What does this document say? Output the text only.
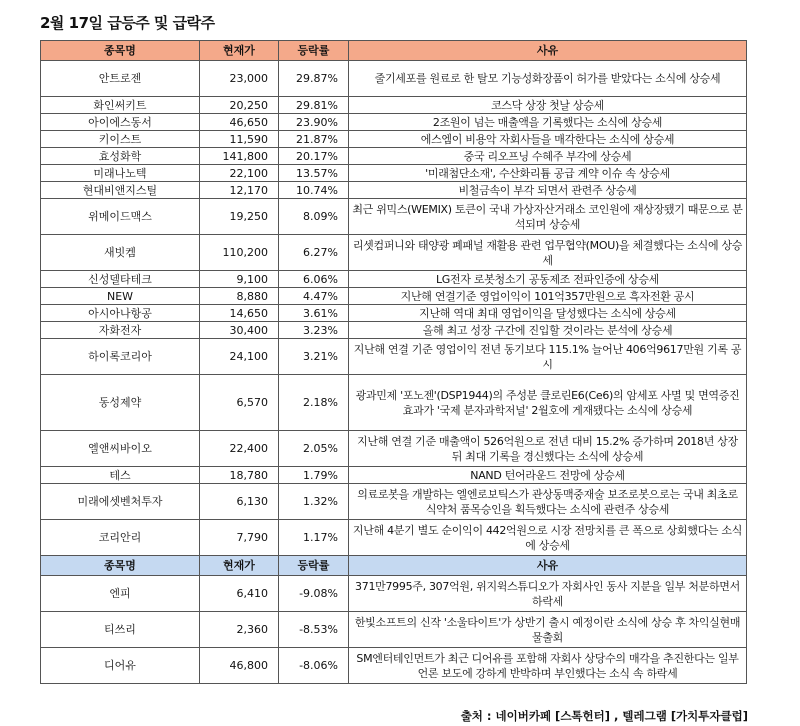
2월 17일 급등주 및 급락주
종목명	현재가	등락률	사유
안트로젠	23,000	29.87%	줄기세포를 원료로 한 탈모 기능성화장품이 허가를 받았다는 소식에 상승세
화인써키트	20,250	29.81%	코스닥 상장 첫날 상승세
아이에스동서	46,650	23.90%	2조원이 넘는 매출액을 기록했다는 소식에 상승세
키이스트	11,590	21.87%	에스엠이 비용악 자회사들을 매각한다는 소식에 상승세
효성화학	141,800	20.17%	중국 리오프닝 수혜주 부각에 상승세
미래나노텍	22,100	13.57%	'미래첨단소재', 수산화리튬 공급 계약 이슈 속 상승세
현대비앤지스틸	12,170	10.74%	비철금속이 부각 되면서 관련주 상승세
위메이드맥스	19,250	8.09%	최근 위믹스(WEMIX) 토큰이 국내 가상자산거래소 코인원에 재상장됐기 때문으로 분석되며 상승세
새빗켐	110,200	6.27%	리셋컴퍼니와 태양광 폐패널 재활용 관련 업무협약(MOU)을 체결했다는 소식에 상승세
신성델타테크	9,100	6.06%	LG전자 로봇청소기 공동제조 전파인증에 상승세
NEW	8,880	4.47%	지난해 연결기준 영업이익이 101억357만원으로 흑자전환 공시
아시아나항공	14,650	3.61%	지난해 역대 최대 영업이익을 달성했다는 소식에 상승세
자화전자	30,400	3.23%	올해 최고 성장 구간에 진입할 것이라는 분석에 상승세
하이록코리아	24,100	3.21%	지난해 연결 기준 영업이익 전년 동기보다 115.1% 늘어난 406억9617만원 기록 공시
동성제약	6,570	2.18%	광과민제 '포노젠'(DSP1944)의 주성분 클로린E6(Ce6)의 암세포 사멸 및 면역증진 효과가 '국제 분자과학저널' 2월호에 게재됐다는 소식에 상승세
엘앤씨바이오	22,400	2.05%	지난해 연결 기준 매출액이 526억원으로 전년 대비 15.2% 증가하며 2018년 상장 뒤 최대 기록을 경신했다는 소식에 상승세
테스	18,780	1.79%	NAND 턴어라운드 전망에 상승세
미래에셋벤처투자	6,130	1.32%	의료로봇을 개발하는 엘엔로보틱스가 관상동맥중재술 보조로봇으로는 국내 최초로 식약처 품목승인을 획득했다는 소식에 관련주 상승세
코리안리	7,790	1.17%	지난해 4분기 별도 순이익이 442억원으로 시장 전망치를 큰 폭으로 상회했다는 소식에 상승세
종목명	현재가	등락률	사유
엔피	6,410	-9.08%	371만7995주, 307억원, 위지윅스튜디오가 자회사인 동사 지분을 일부 처분하면서 하락세
티쓰리	2,360	-8.53%	한빛소프트의 신작 '소울타이트'가 상반기 출시 예정이란 소식에 상승 후 차익실현매물출회
디어유	46,800	-8.06%	SM엔터테인먼트가 최근 디어유를 포함해 자회사 상당수의 매각을 추진한다는 일부 언론 보도에 강하게 반박하며 부인했다는 소식 속 하락세
출처 : 네이버카페 [스톡헌터] , 텔레그램 [가치투자클럽]
